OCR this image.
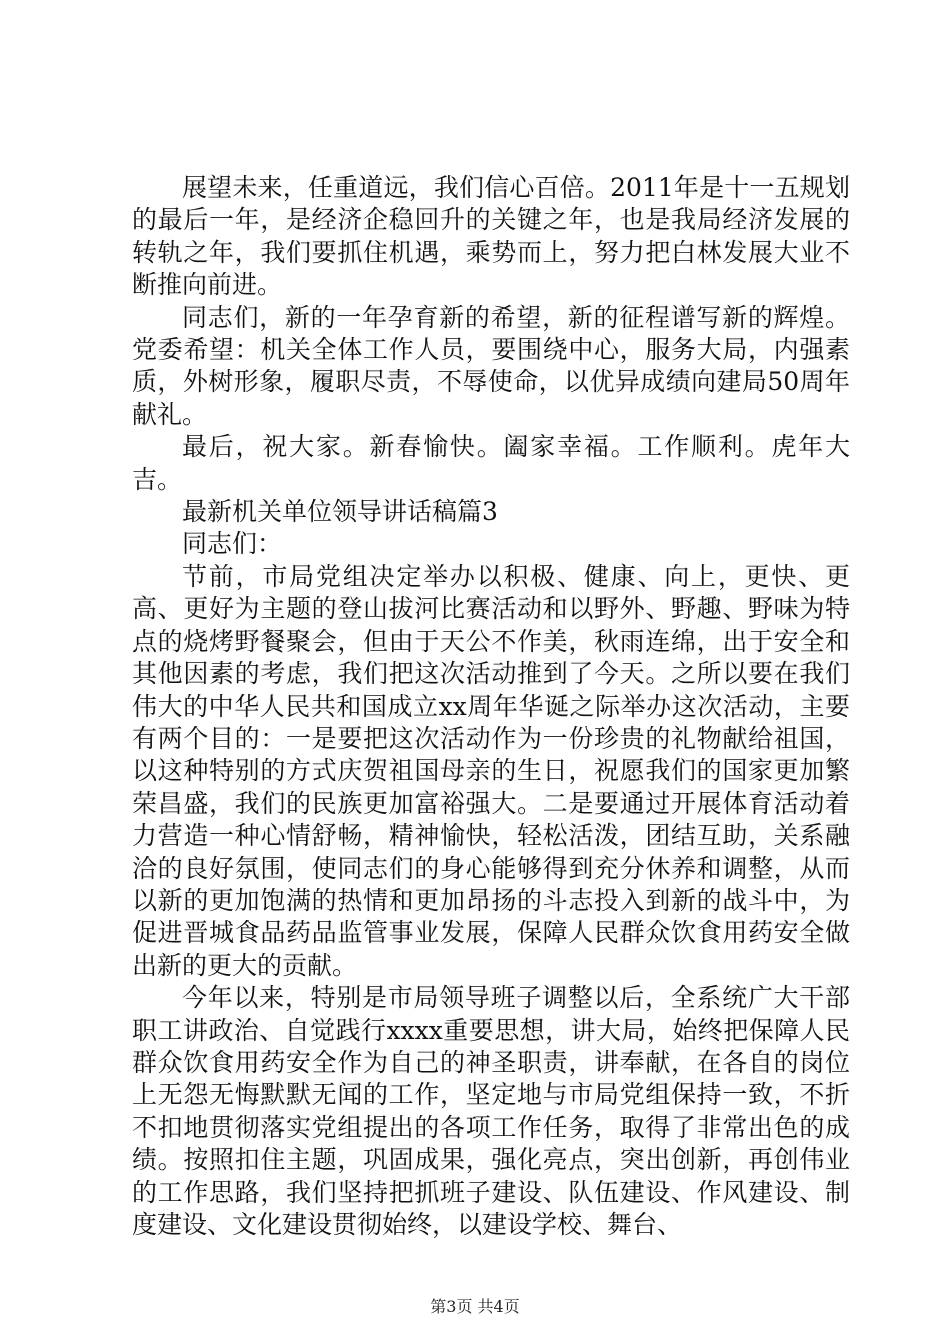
展望未来，任重道远，我们信心百倍。2011年是十一五规划的最后一年，是经济企稳回升的关键之年，也是我局经济发展的转轨之年，我们要抓住机遇，乘势而上，努力把白林发展大业不断推向前进。

同志们，新的一年孕育新的希望，新的征程谱写新的辉煌。党委希望：机关全体工作人员，要围绕中心，服务大局，内强素质，外树形象，履职尽责，不辱使命，以优异成绩向建局50周年献礼。

最后，祝大家。新春愉快。阖家幸福。工作顺利。虎年大吉。

最新机关单位领导讲话稿篇3

同志们：

节前，市局党组决定举办以积极、健康、向上，更快、更高、更好为主题的登山拔河比赛活动和以野外、野趣、野味为特点的烧烤野餐聚会，但由于天公不作美，秋雨连绵，出于安全和其他因素的考虑，我们把这次活动推到了今天。之所以要在我们伟大的中华人民共和国成立xx周年华诞之际举办这次活动，主要有两个目的：一是要把这次活动作为一份珍贵的礼物献给祖国，以这种特别的方式庆贺祖国母亲的生日，祝愿我们的国家更加繁荣昌盛，我们的民族更加富裕强大。二是要通过开展体育活动着力营造一种心情舒畅，精神愉快，轻松活泼，团结互助，关系融洽的良好氛围，使同志们的身心能够得到充分休养和调整，从而以新的更加饱满的热情和更加昂扬的斗志投入到新的战斗中，为促进晋城食品药品监管事业发展，保障人民群众饮食用药安全做出新的更大的贡献。

今年以来，特别是市局领导班子调整以后，全系统广大干部职工讲政治、自觉践行xxxx重要思想，讲大局，始终把保障人民群众饮食用药安全作为自己的神圣职责，讲奉献，在各自的岗位上无怨无悔默默无闻的工作，坚定地与市局党组保持一致，不折不扣地贯彻落实党组提出的各项工作任务，取得了非常出色的成绩。按照扣住主题，巩固成果，强化亮点，突出创新，再创伟业的工作思路，我们坚持把抓班子建设、队伍建设、作风建设、制度建设、文化建设贯彻始终，以建设学校、舞台、

第3页 共4页
